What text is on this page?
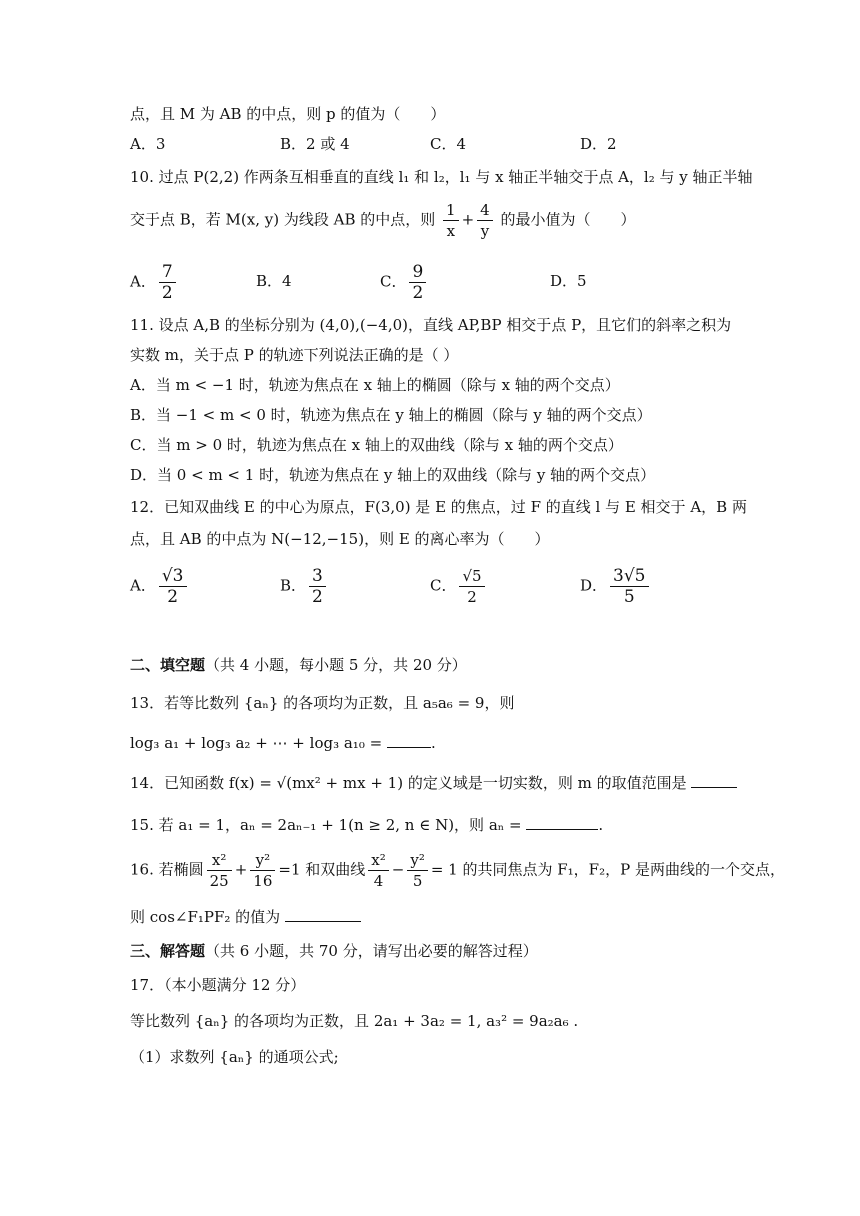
点，且 M 为 AB 的中点，则 p 的值为（　　）
A．3	B．2 或 4	C．4	D．2
10. 过点 P(2,2) 作两条互相垂直的直线 l₁ 和 l₂，l₁ 与 x 轴正半轴交于点 A，l₂ 与 y 轴正半轴
交于点 B，若 M(x, y) 为线段 AB 的中点，则 $\frac{1}{x} + \frac{4}{y}$ 的最小值为（　　）
A． $\frac{7}{2}$	B．4	C． $\frac{9}{2}$	D．5
11. 设点 A,B 的坐标分别为 (4,0),(−4,0)，直线 AP,BP 相交于点 P，且它们的斜率之积为
实数 m，关于点 P 的轨迹下列说法正确的是（ ）
A．当 m < −1 时，轨迹为焦点在 x 轴上的椭圆（除与 x 轴的两个交点）
B．当 −1 < m < 0 时，轨迹为焦点在 y 轴上的椭圆（除与 y 轴的两个交点）
C．当 m > 0 时，轨迹为焦点在 x 轴上的双曲线（除与 x 轴的两个交点）
D．当 0 < m < 1 时，轨迹为焦点在 y 轴上的双曲线（除与 y 轴的两个交点）
12．已知双曲线 E 的中心为原点，F(3,0) 是 E 的焦点，过 F 的直线 l 与 E 相交于 A，B 两
点，且 AB 的中点为 N(−12,−15)，则 E 的离心率为（　　）
A． $\frac{√3}{2}$	B． $\frac{3}{2}$	C． $\frac{√5}{2}$	D． $\frac{3√5}{5}$
二、填空题（共 4 小题，每小题 5 分，共 20 分）
13．若等比数列 {aₙ} 的各项均为正数，且 a₅a₆ = 9，则
log₃ a₁ + log₃ a₂ + ⋯ + log₃ a₁₀ =	.
14．已知函数 f(x) = √(mx² + mx + 1) 的定义域是一切实数，则 m 的取值范围是
15. 若 a₁ = 1，aₙ = 2aₙ₋₁ + 1(n ≥ 2, n ∈ N)，则 aₙ =	.
16. 若椭圆 $\frac{\text{x²}}{25} + \frac{\text{y²}}{16} =1$ 和双曲线 $\frac{\text{x²}}{4} - \frac{\text{y²}}{5} = 1$ 的共同焦点为 F₁，F₂，P 是两曲线的一个交点，
则 cos∠F₁PF₂ 的值为
三、解答题（共 6 小题，共 70 分，请写出必要的解答过程）
17．（本小题满分 12 分）
等比数列 {aₙ} 的各项均为正数，且 2a₁ + 3a₂ = 1, a₃² = 9a₂a₆ .
（1）求数列 {aₙ} 的通项公式;
